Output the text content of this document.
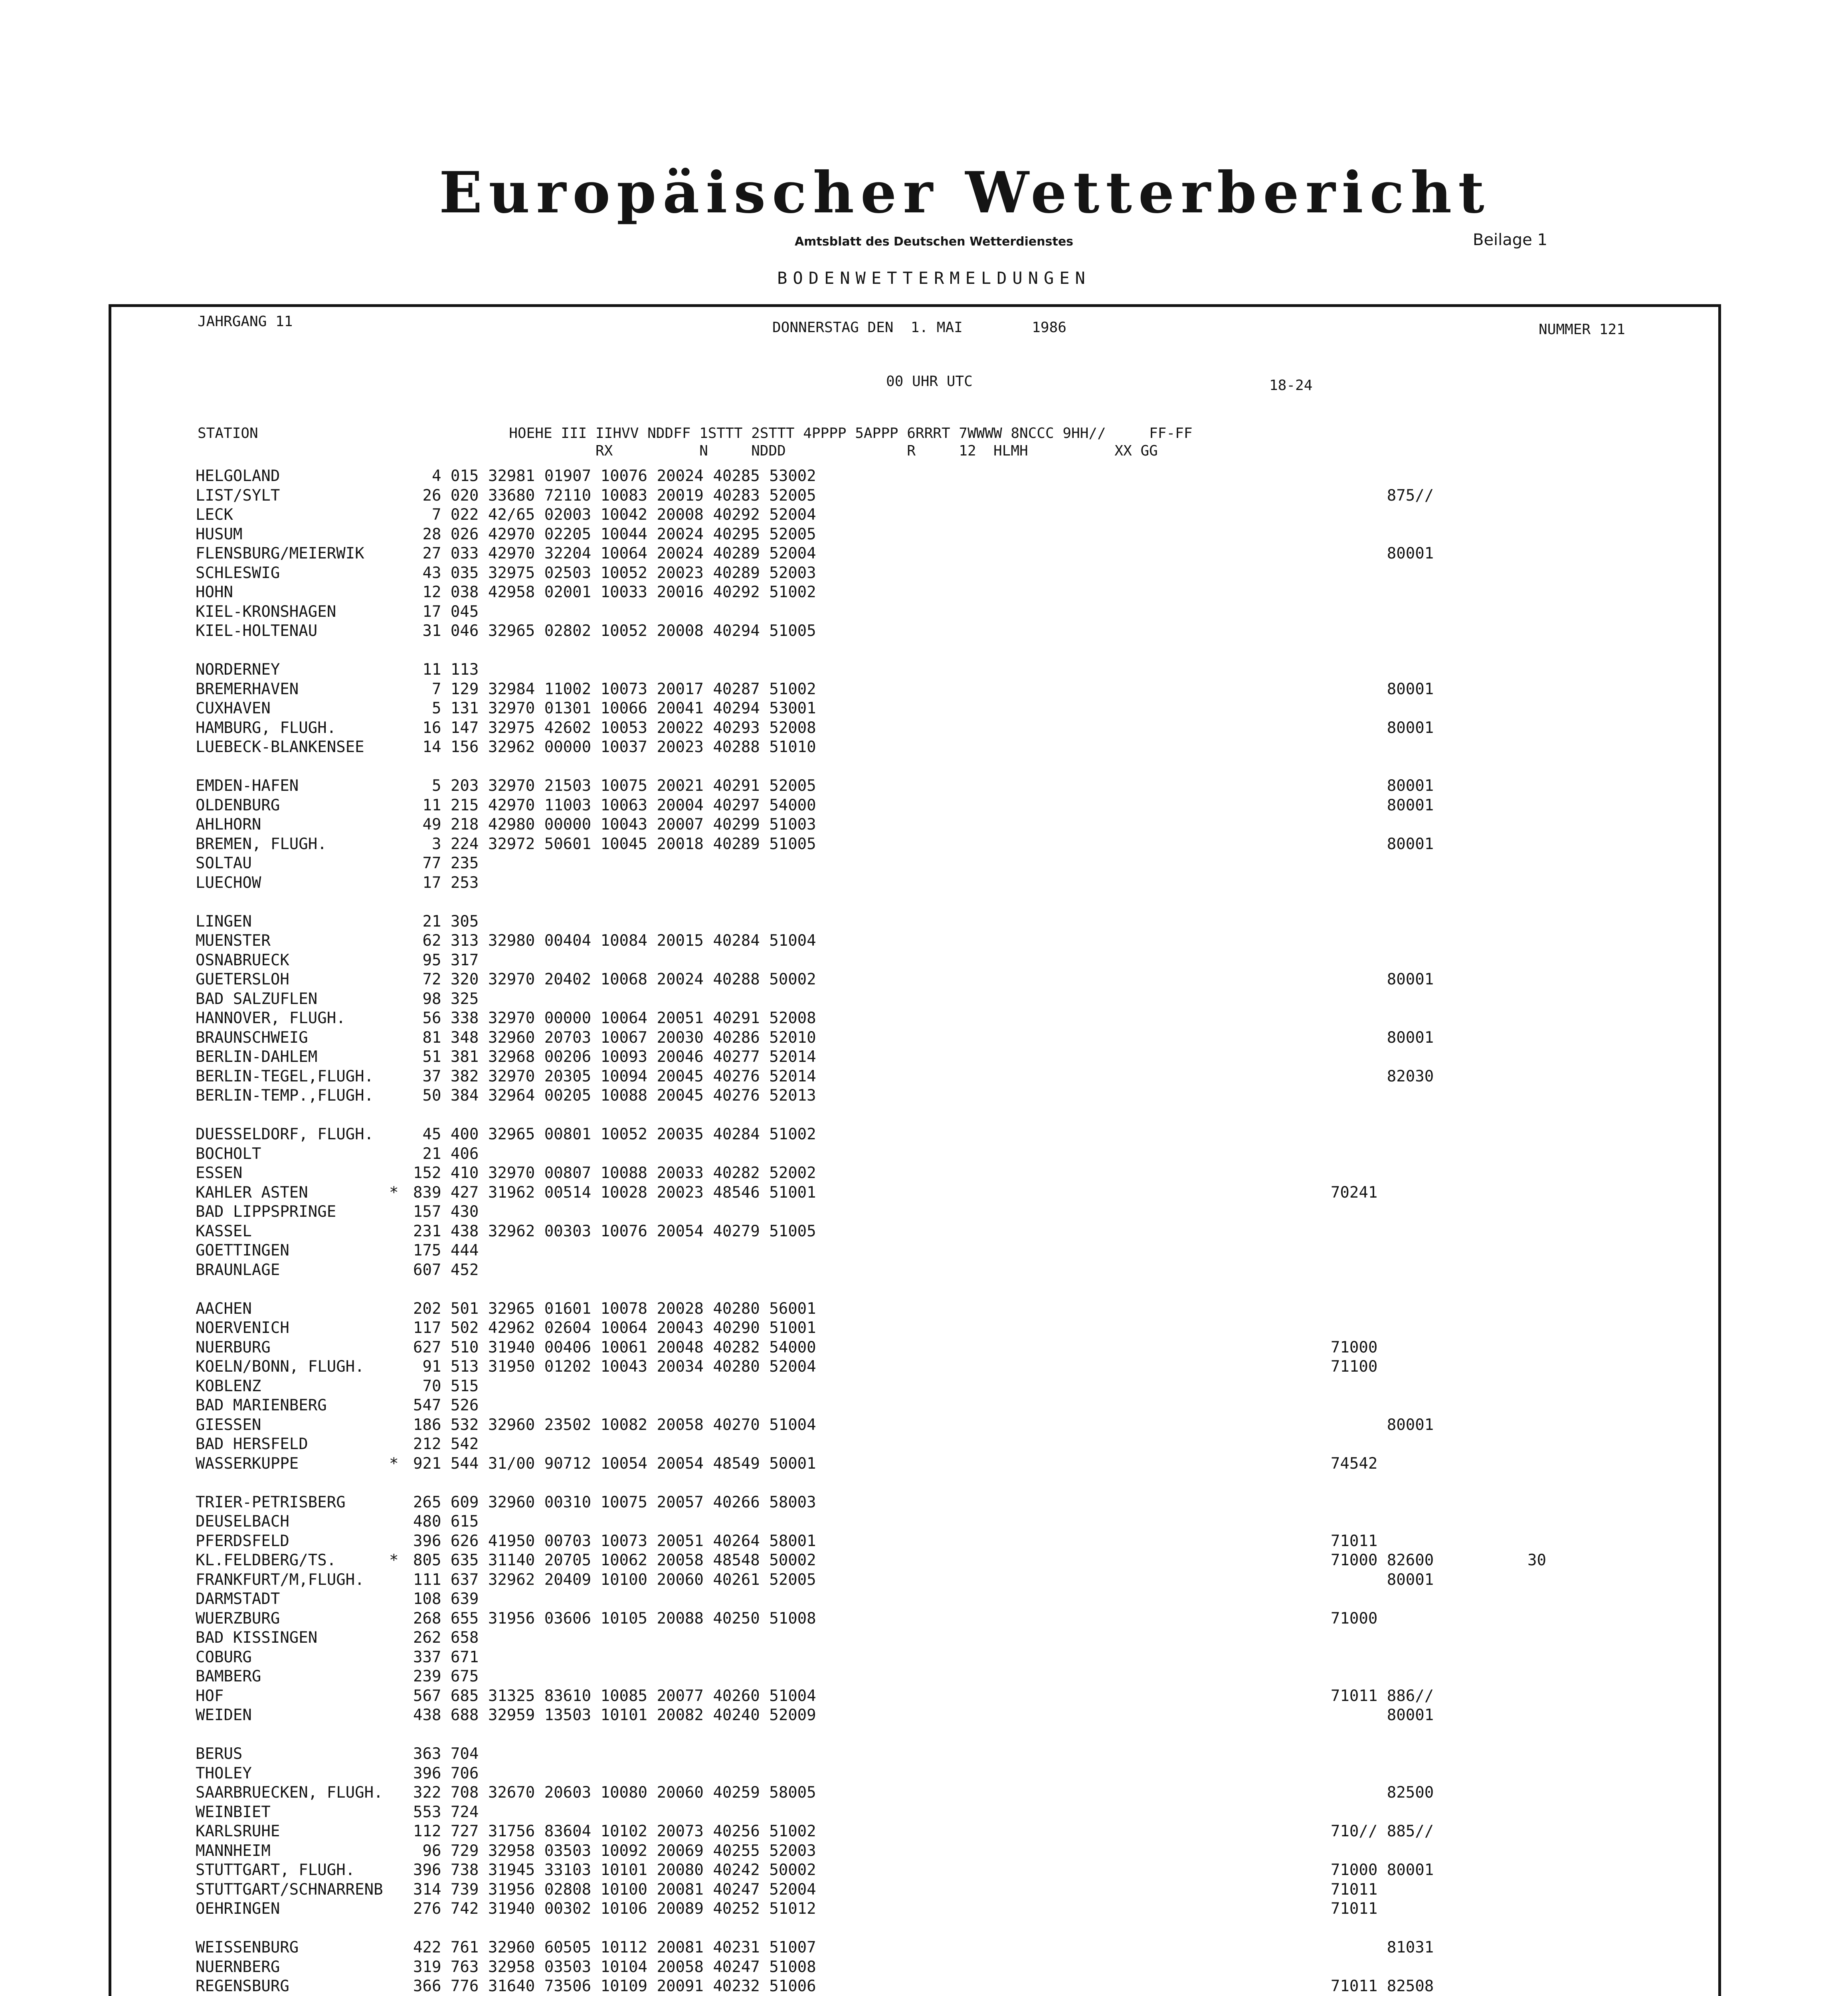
Europäischer Wetterbericht
Amtsblatt des Deutschen Wetterdienstes	Beilage 1
BODENWETTERMELDUNGEN
JAHRGANG 11	DONNERSTAG DEN  1. MAI        1986	NUMMER 121
00 UHR UTC	18-24

STATION                             HOEHE III IIHVV NDDFF 1STTT 2STTT 4PPPP 5APPP 6RRRT 7WWWW 8NCCC 9HH//     FF-FF
RX          N     NDDD              R     12  HLMH          XX GG

HELGOLAND	4 015 32981 01907 10076 20024 40285 53002
LIST/SYLT	26 020 33680 72110 10083 20019 40283 52005	875//
LECK	7 022 42/65 02003 10042 20008 40292 52004
HUSUM	28 026 42970 02205 10044 20024 40295 52005
FLENSBURG/MEIERWIK	27 033 42970 32204 10064 20024 40289 52004	80001
SCHLESWIG	43 035 32975 02503 10052 20023 40289 52003
HOHN	12 038 42958 02001 10033 20016 40292 51002
KIEL-KRONSHAGEN	17 045
KIEL-HOLTENAU	31 046 32965 02802 10052 20008 40294 51005
NORDERNEY	11 113
BREMERHAVEN	7 129 32984 11002 10073 20017 40287 51002	80001
CUXHAVEN	5 131 32970 01301 10066 20041 40294 53001
HAMBURG, FLUGH.	16 147 32975 42602 10053 20022 40293 52008	80001
LUEBECK-BLANKENSEE	14 156 32962 00000 10037 20023 40288 51010
EMDEN-HAFEN	5 203 32970 21503 10075 20021 40291 52005	80001
OLDENBURG	11 215 42970 11003 10063 20004 40297 54000	80001
AHLHORN	49 218 42980 00000 10043 20007 40299 51003
BREMEN, FLUGH.	3 224 32972 50601 10045 20018 40289 51005	80001
SOLTAU	77 235
LUECHOW	17 253
LINGEN	21 305
MUENSTER	62 313 32980 00404 10084 20015 40284 51004
OSNABRUECK	95 317
GUETERSLOH	72 320 32970 20402 10068 20024 40288 50002	80001
BAD SALZUFLEN	98 325
HANNOVER, FLUGH.	56 338 32970 00000 10064 20051 40291 52008
BRAUNSCHWEIG	81 348 32960 20703 10067 20030 40286 52010	80001
BERLIN-DAHLEM	51 381 32968 00206 10093 20046 40277 52014
BERLIN-TEGEL,FLUGH.	37 382 32970 20305 10094 20045 40276 52014	82030
BERLIN-TEMP.,FLUGH.	50 384 32964 00205 10088 20045 40276 52013
DUESSELDORF, FLUGH.	45 400 32965 00801 10052 20035 40284 51002
BOCHOLT	21 406
ESSEN	152 410 32970 00807 10088 20033 40282 52002
KAHLER ASTEN	* 839 427 31962 00514 10028 20023 48546 51001	70241
BAD LIPPSPRINGE	157 430
KASSEL	231 438 32962 00303 10076 20054 40279 51005
GOETTINGEN	175 444
BRAUNLAGE	607 452
AACHEN	202 501 32965 01601 10078 20028 40280 56001
NOERVENICH	117 502 42962 02604 10064 20043 40290 51001
NUERBURG	627 510 31940 00406 10061 20048 40282 54000	71000
KOELN/BONN, FLUGH.	91 513 31950 01202 10043 20034 40280 52004	71100
KOBLENZ	70 515
BAD MARIENBERG	547 526
GIESSEN	186 532 32960 23502 10082 20058 40270 51004	80001
BAD HERSFELD	212 542
WASSERKUPPE	* 921 544 31/00 90712 10054 20054 48549 50001	74542
TRIER-PETRISBERG	265 609 32960 00310 10075 20057 40266 58003
DEUSELBACH	480 615
PFERDSFELD	396 626 41950 00703 10073 20051 40264 58001	71011
KL.FELDBERG/TS.	* 805 635 31140 20705 10062 20058 48548 50002	71000 82600          30
FRANKFURT/M,FLUGH.	111 637 32962 20409 10100 20060 40261 52005	80001
DARMSTADT	108 639
WUERZBURG	268 655 31956 03606 10105 20088 40250 51008	71000
BAD KISSINGEN	262 658
COBURG	337 671
BAMBERG	239 675
HOF	567 685 31325 83610 10085 20077 40260 51004	71011 886//
WEIDEN	438 688 32959 13503 10101 20082 40240 52009	80001
BERUS	363 704
THOLEY	396 706
SAARBRUECKEN, FLUGH. 322 708 32670 20603 10080 20060 40259 58005	82500
WEINBIET	553 724
KARLSRUHE	112 727 31756 83604 10102 20073 40256 51002	710// 885//
MANNHEIM	96 729 32958 03503 10092 20069 40255 52003
STUTTGART, FLUGH.	396 738 31945 33103 10101 20080 40242 50002	71000 80001
STUTTGART/SCHNARRENB 314 739 31956 02808 10100 20081 40247 52004	71011
OEHRINGEN	276 742 31940 00302 10106 20089 40252 51012	71011
WEISSENBURG	422 761 32960 60505 10112 20081 40231 51007	81031
NUERNBERG	319 763 32958 03503 10104 20058 40247 51008
REGENSBURG	366 776 31640 73506 10109 20091 40232 51006	71011 82508
